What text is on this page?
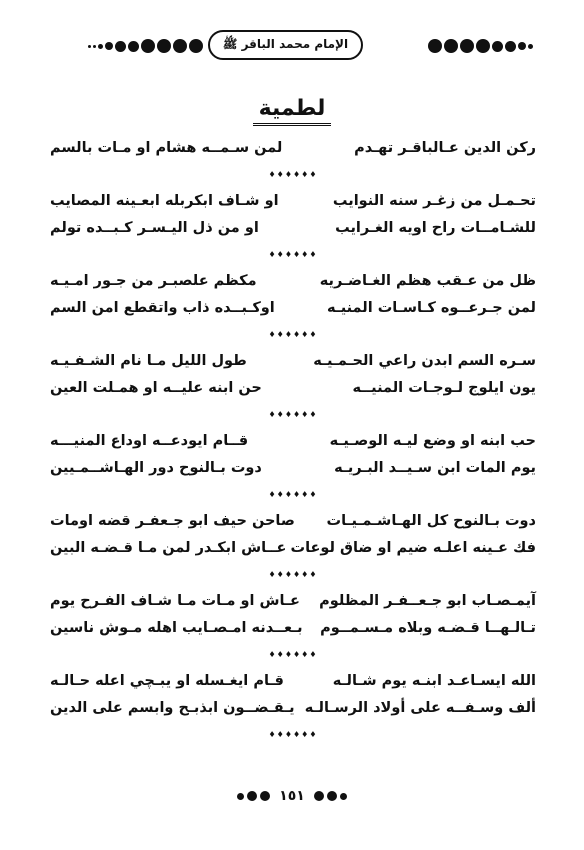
الإمام محمد الباقر ﷺ
لطمية
ركن الدين عـالباقـر تهـدم
لمن سـمــه هشام او مـات بالسم
♦♦♦♦♦♦
تحـمـل من زغـر سنه النوايب
او شـاف ابكربله ابعـينه المصايب
للشـامــات راح اويه الغـرايب
او من ذل اليـسـر كـبــده تولم
♦♦♦♦♦♦
ظل من عـقب هظم الغـاضـريه
مكظم علصبـر من جـور امـيـه
لمن جـرعــوه كـاسـات المنيـه
اوكـبــده ذاب واتقطع امن السم
♦♦♦♦♦♦
سـره السم ابدن راعي الحـمـيـه
طول الليل مـا نام الشـفـيـه
يون ايلوج لـوجـات المنيــه
حن ابنه عليــه او همـلت العين
♦♦♦♦♦♦
حب ابنه او وضع ليـه الوصـيـه
قــام ايودعــه اوداع المنيـــه
يوم المات ابن سـيــد البـريـه
دوت بـالنوح دور الهـاشــمـيين
♦♦♦♦♦♦
دوت بـالنوح كل الهـاشـمـيـات
صاحن حيف ابو جـعفـر قضه اومات
فك عـينه اعلـه ضيم او ضاق لوعات
عــاش ابكـدر لمن مـا قـضـه البين
♦♦♦♦♦♦
آيمـصـاب ابو جـعــفـر المظلوم
عـاش او مـات مـا شـاف الفـرح يوم
تـالـهــا قـضـه وبلاه مـسـمــوم
بـعــدنه امـصـايب اهله مـوش ناسين
♦♦♦♦♦♦
الله ايسـاعـد ابنـه يوم شـالـه
قـام ايغـسله او يبـچي اعله حـالـه
ألف وسـفــه على أولاد الرسـالـه
يـقـضــون ابذبـح وابسم على الدين
♦♦♦♦♦♦
١٥١
